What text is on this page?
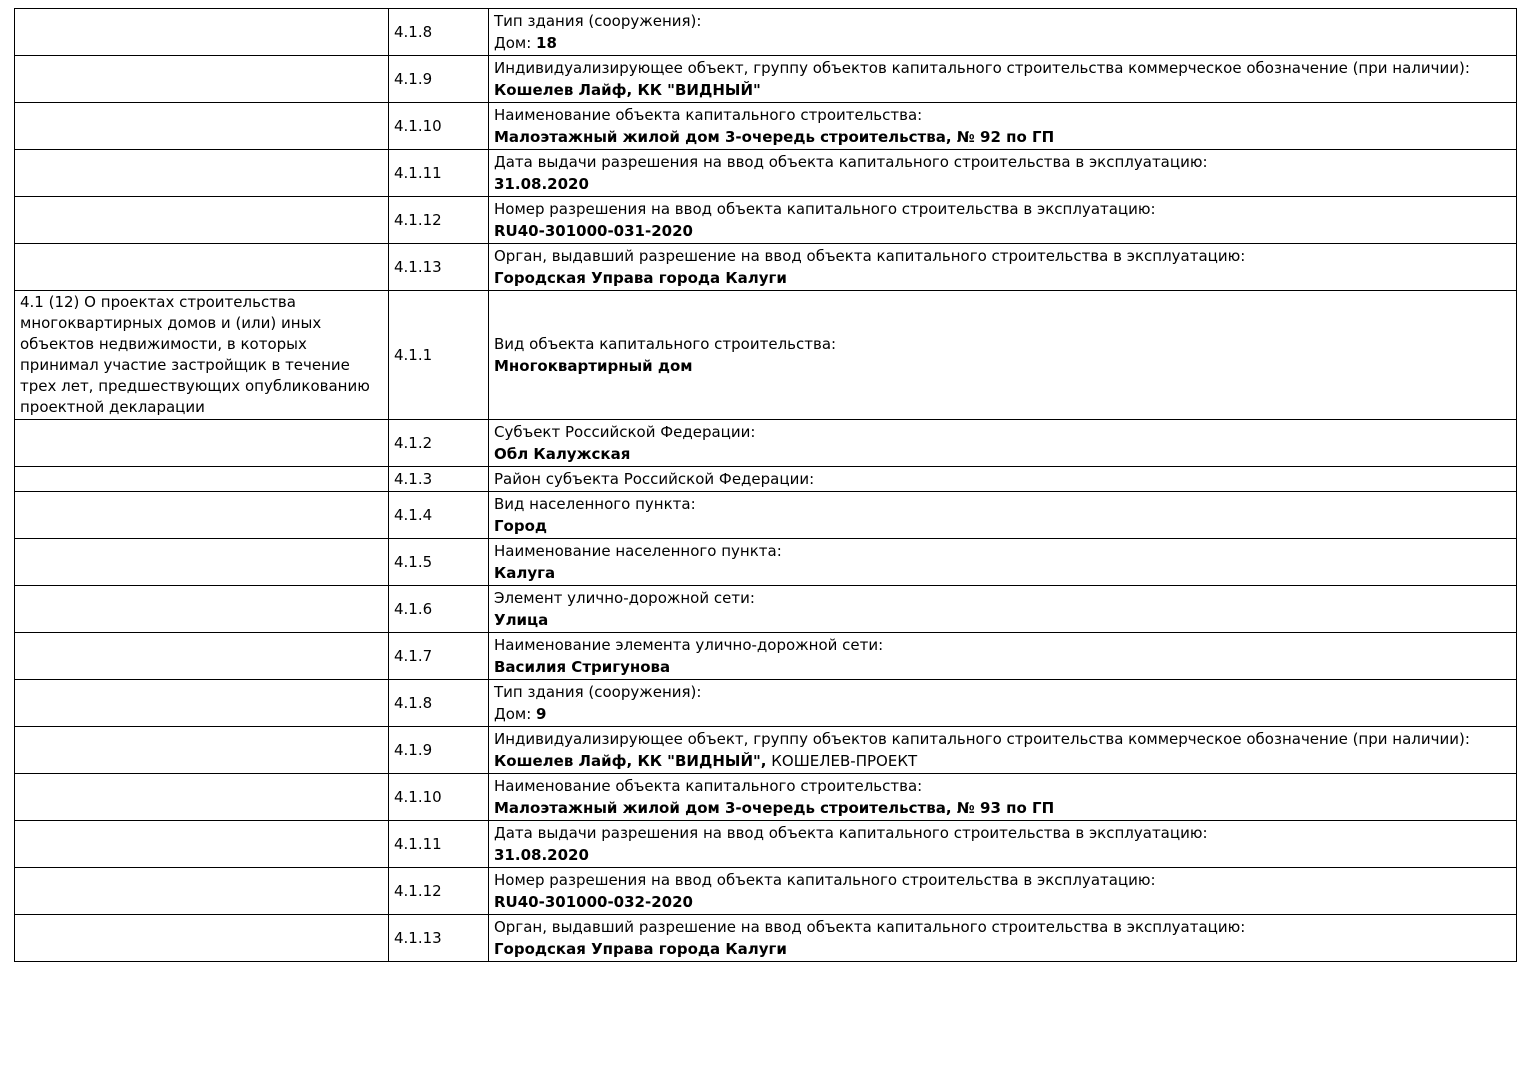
	4.1.8	Тип здания (сооружения):
Дом: 18

	4.1.9	Индивидуализирующее объект, группу объектов капитального строительства коммерческое обозначение (при наличии):
Кошелев Лайф, КК "ВИДНЫЙ"

	4.1.10	Наименование объекта капитального строительства:
Малоэтажный жилой дом 3-очередь строительства, № 92 по ГП

	4.1.11	Дата выдачи разрешения на ввод объекта капитального строительства в эксплуатацию:
31.08.2020

	4.1.12	Номер разрешения на ввод объекта капитального строительства в эксплуатацию:
RU40-301000-031-2020

	4.1.13	Орган, выдавший разрешение на ввод объекта капитального строительства в эксплуатацию:
Городская Управа города Калуги

4.1 (12) О проектах строительства многоквартирных домов и (или) иных объектов недвижимости, в которых принимал участие застройщик в течение трех лет, предшествующих опубликованию проектной декларации	4.1.1	Вид объекта капитального строительства:
Многоквартирный дом

	4.1.2	Субъект Российской Федерации:
Обл Калужская

	4.1.3	Район субъекта Российской Федерации:

	4.1.4	Вид населенного пункта:
Город

	4.1.5	Наименование населенного пункта:
Калуга

	4.1.6	Элемент улично-дорожной сети:
Улица

	4.1.7	Наименование элемента улично-дорожной сети:
Василия Стригунова

	4.1.8	Тип здания (сооружения):
Дом: 9

	4.1.9	Индивидуализирующее объект, группу объектов капитального строительства коммерческое обозначение (при наличии):
Кошелев Лайф, КК "ВИДНЫЙ", КОШЕЛЕВ-ПРОЕКТ

	4.1.10	Наименование объекта капитального строительства:
Малоэтажный жилой дом 3-очередь строительства, № 93 по ГП

	4.1.11	Дата выдачи разрешения на ввод объекта капитального строительства в эксплуатацию:
31.08.2020

	4.1.12	Номер разрешения на ввод объекта капитального строительства в эксплуатацию:
RU40-301000-032-2020

	4.1.13	Орган, выдавший разрешение на ввод объекта капитального строительства в эксплуатацию:
Городская Управа города Калуги
